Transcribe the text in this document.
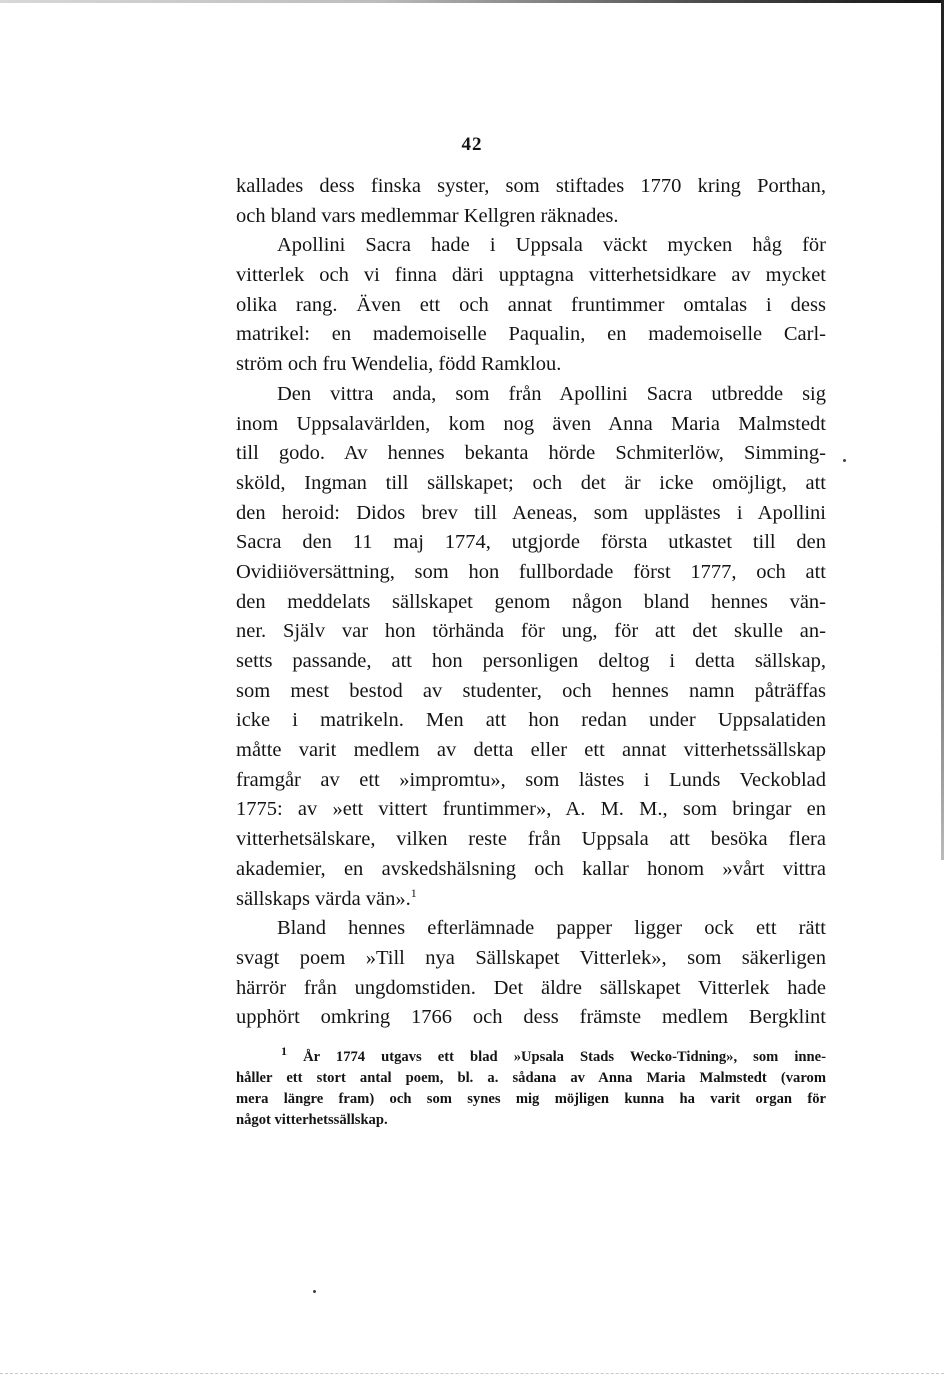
42
kallades dess finska syster, som stiftades 1770 kring Porthan,
och bland vars medlemmar Kellgren räknades.
Apollini Sacra hade i Uppsala väckt mycken håg för
vitterlek och vi finna däri upptagna vitterhetsidkare av mycket
olika rang. Även ett och annat fruntimmer omtalas i dess
matrikel: en mademoiselle Paqualin, en mademoiselle Carl-
ström och fru Wendelia, född Ramklou.
Den vittra anda, som från Apollini Sacra utbredde sig
inom Uppsalavärlden, kom nog även Anna Maria Malmstedt
till godo. Av hennes bekanta hörde Schmiterlöw, Simming-
sköld, Ingman till sällskapet; och det är icke omöjligt, att
den heroid: Didos brev till Aeneas, som upplästes i Apollini
Sacra den 11 maj 1774, utgjorde första utkastet till den
Ovidiiöversättning, som hon fullbordade först 1777, och att
den meddelats sällskapet genom någon bland hennes vän-
ner. Själv var hon törhända för ung, för att det skulle an-
setts passande, att hon personligen deltog i detta sällskap,
som mest bestod av studenter, och hennes namn påträffas
icke i matrikeln. Men att hon redan under Uppsalatiden
måtte varit medlem av detta eller ett annat vitterhetssällskap
framgår av ett »impromtu», som lästes i Lunds Veckoblad
1775: av »ett vittert fruntimmer», A. M. M., som bringar en
vitterhetsälskare, vilken reste från Uppsala att besöka flera
akademier, en avskedshälsning och kallar honom »vårt vittra
sällskaps värda vän».$^1$
Bland hennes efterlämnade papper ligger ock ett rätt
svagt poem »Till nya Sällskapet Vitterlek», som säkerligen
härrör från ungdomstiden. Det äldre sällskapet Vitterlek hade
upphört omkring 1766 och dess främste medlem Bergklint
$^1$ År 1774 utgavs ett blad »Upsala Stads Wecko-Tidning», som inne-
håller ett stort antal poem, bl. a. sådana av Anna Maria Malmstedt (varom
mera längre fram) och som synes mig möjligen kunna ha varit organ för
något vitterhetssällskap.
